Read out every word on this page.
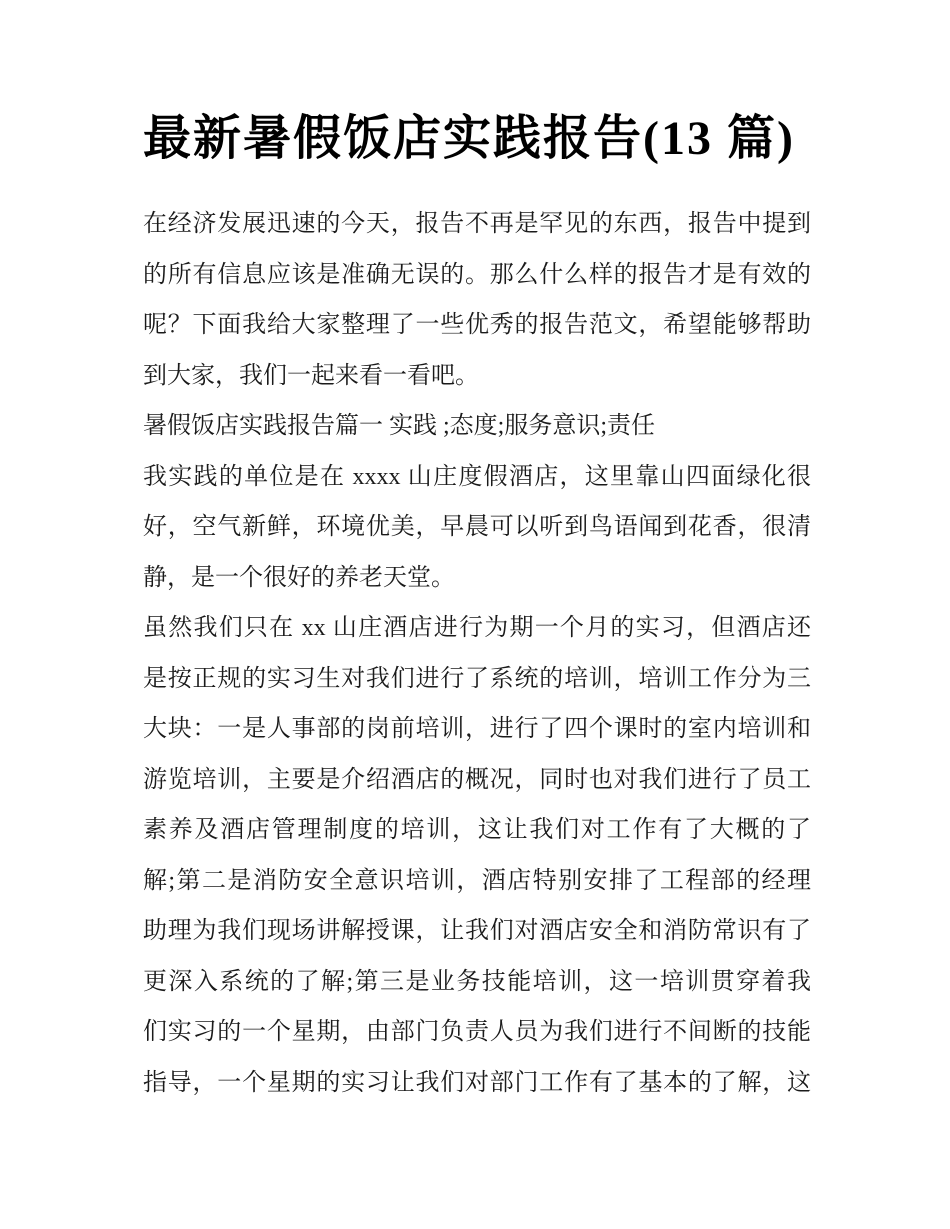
最新暑假饭店实践报告(13 篇)
在经济发展迅速的今天，报告不再是罕见的东西，报告中提到
的所有信息应该是准确无误的。那么什么样的报告才是有效的
呢？下面我给大家整理了一些优秀的报告范文，希望能够帮助
到大家，我们一起来看一看吧。
暑假饭店实践报告篇一 实践 ;态度;服务意识;责任
我实践的单位是在 xxxx 山庄度假酒店，这里靠山四面绿化很
好，空气新鲜，环境优美，早晨可以听到鸟语闻到花香，很清
静，是一个很好的养老天堂。
虽然我们只在 xx 山庄酒店进行为期一个月的实习，但酒店还
是按正规的实习生对我们进行了系统的培训，培训工作分为三
大块：一是人事部的岗前培训，进行了四个课时的室内培训和
游览培训，主要是介绍酒店的概况，同时也对我们进行了员工
素养及酒店管理制度的培训，这让我们对工作有了大概的了
解;第二是消防安全意识培训，酒店特别安排了工程部的经理
助理为我们现场讲解授课，让我们对酒店安全和消防常识有了
更深入系统的了解;第三是业务技能培训，这一培训贯穿着我
们实习的一个星期，由部门负责人员为我们进行不间断的技能
指导，一个星期的实习让我们对部门工作有了基本的了解，这
